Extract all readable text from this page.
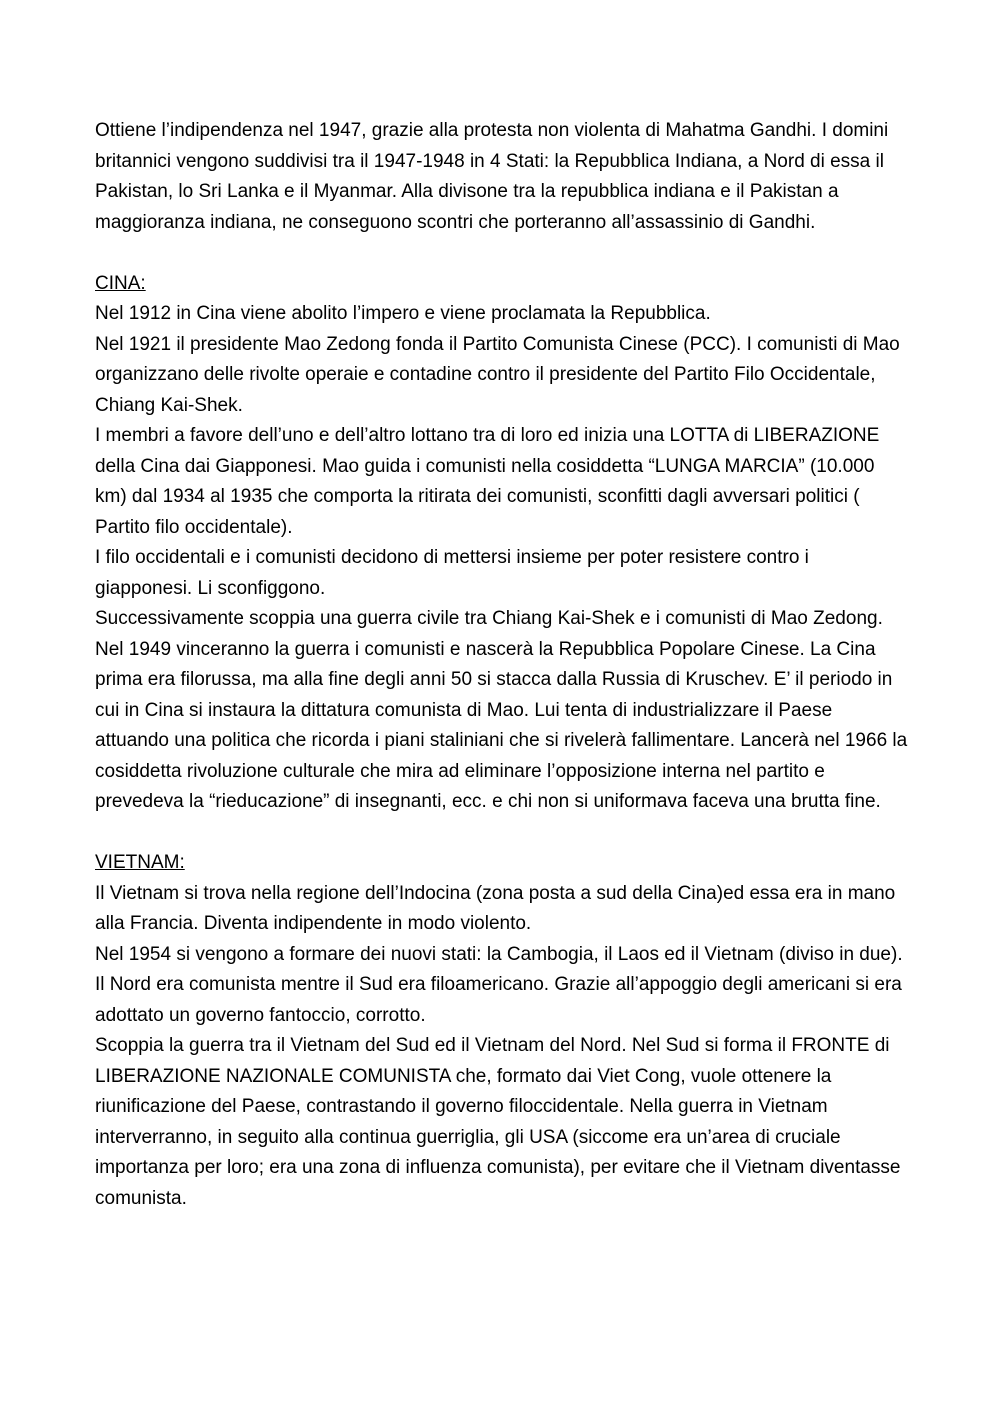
Ottiene l’indipendenza nel 1947, grazie alla protesta non violenta di Mahatma Gandhi. I domini britannici vengono suddivisi tra il 1947-1948 in 4 Stati: la Repubblica Indiana, a Nord di essa il Pakistan, lo Sri Lanka e il Myanmar. Alla divisone tra la repubblica indiana e il Pakistan a maggioranza indiana, ne conseguono scontri che porteranno all’assassinio di Gandhi.

CINA:

Nel 1912 in Cina viene abolito l’impero e viene proclamata la Repubblica.

Nel 1921 il presidente Mao Zedong fonda il Partito Comunista Cinese (PCC). I comunisti di Mao organizzano delle rivolte operaie e contadine contro il presidente del Partito Filo Occidentale, Chiang Kai-Shek.

I membri a favore dell’uno e dell’altro lottano tra di loro ed inizia una LOTTA di LIBERAZIONE della Cina dai Giapponesi. Mao guida i comunisti nella cosiddetta “LUNGA MARCIA” (10.000 km) dal 1934 al 1935 che comporta la ritirata dei comunisti, sconfitti dagli avversari politici ( Partito filo occidentale).

I filo occidentali e i comunisti decidono di mettersi insieme per poter resistere contro i giapponesi. Li sconfiggono.

Successivamente scoppia una guerra civile tra Chiang Kai-Shek e i comunisti di Mao Zedong. Nel 1949 vinceranno la guerra i comunisti e nascerà la Repubblica Popolare Cinese. La Cina prima era filorussa, ma alla fine degli anni 50 si stacca dalla Russia di Kruschev. E’ il periodo in cui in Cina si instaura la dittatura comunista di Mao. Lui tenta di industrializzare il Paese attuando una politica che ricorda i piani staliniani che si rivelerà fallimentare. Lancerà nel 1966 la cosiddetta rivoluzione culturale che mira ad eliminare l’opposizione interna nel partito e prevedeva la “rieducazione” di insegnanti, ecc. e chi non si uniformava faceva una brutta fine.

VIETNAM:

Il Vietnam si trova nella regione dell’Indocina (zona posta a sud della Cina)ed essa era in mano alla Francia. Diventa indipendente in modo violento.

Nel 1954 si vengono a formare dei nuovi stati: la Cambogia, il Laos ed il Vietnam (diviso in due). Il Nord era comunista mentre il Sud era filoamericano. Grazie all’appoggio degli americani si era adottato un governo fantoccio, corrotto.

Scoppia la guerra tra il Vietnam del Sud ed il Vietnam del Nord. Nel Sud si forma il FRONTE di LIBERAZIONE NAZIONALE COMUNISTA che, formato dai Viet Cong, vuole ottenere la riunificazione del Paese, contrastando il governo filoccidentale. Nella guerra in Vietnam interverranno, in seguito alla continua guerriglia, gli USA (siccome era un’area di cruciale importanza per loro; era una zona di influenza comunista), per evitare che il Vietnam diventasse comunista.
